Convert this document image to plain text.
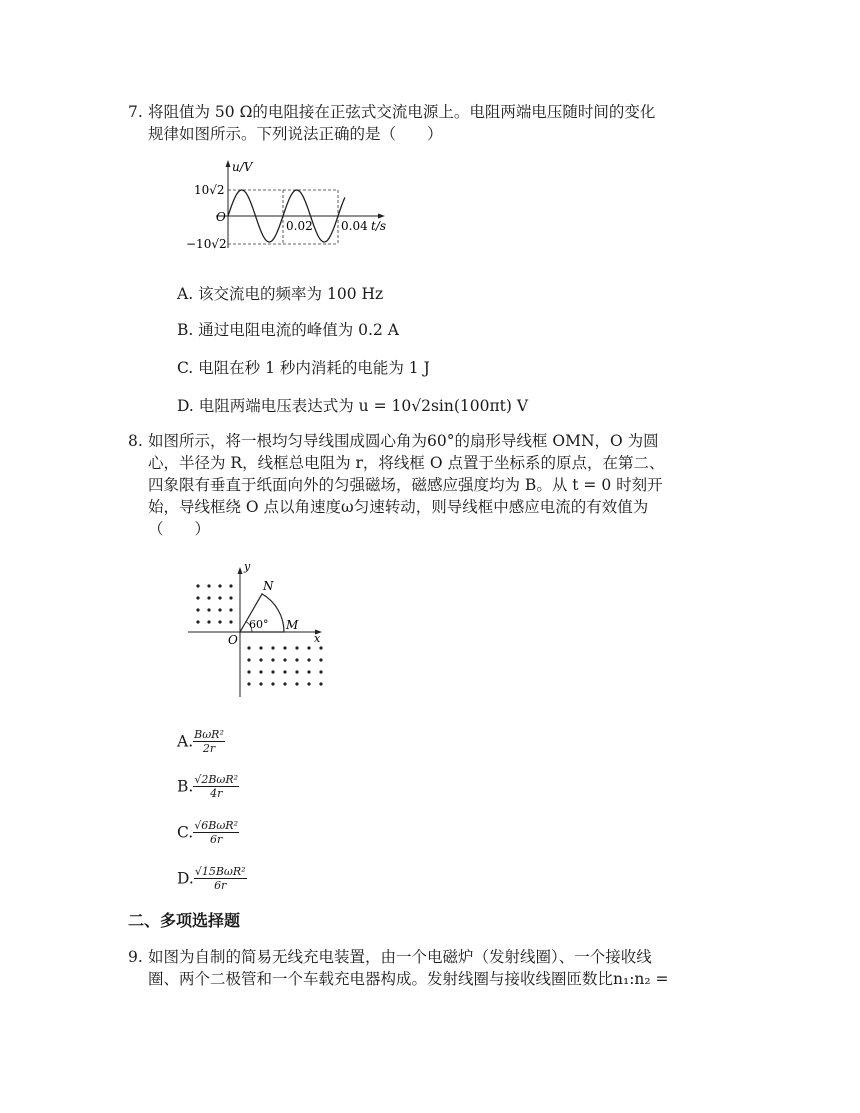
7. 将阻值为 50 Ω的电阻接在正弦式交流电源上。电阻两端电压随时间的变化
规律如图所示。下列说法正确的是（　　）
u/V
10√2
O
−10√2
0.02 0.04 t/s
A. 该交流电的频率为 100 Hz
B. 通过电阻电流的峰值为 0.2 A
C. 电阻在秒 1 秒内消耗的电能为 1 J
D. 电阻两端电压表达式为 u = 10√2sin(100πt) V
8. 如图所示，将一根均匀导线围成圆心角为60°的扇形导线框 OMN，O 为圆
心，半径为 R，线框总电阻为 r，将线框 O 点置于坐标系的原点，在第二、
四象限有垂直于纸面向外的匀强磁场，磁感应强度均为 B。从 t = 0 时刻开
始，导线框绕 O 点以角速度ω匀速转动，则导线框中感应电流的有效值为
（　　）
y
x
O
N
M
60°
A. $\frac{\text{BωR²}}{2r}$
B. $\frac{\text{√2BωR²}}{4r}$
C. $\frac{\text{√6BωR²}}{6r}$
D. $\frac{\text{√15BωR²}}{6r}$
二、多项选择题
9. 如图为自制的简易无线充电装置，由一个电磁炉（发射线圈）、一个接收线
圈、两个二极管和一个车载充电器构成。发射线圈与接收线圈匝数比n₁:n₂ =
